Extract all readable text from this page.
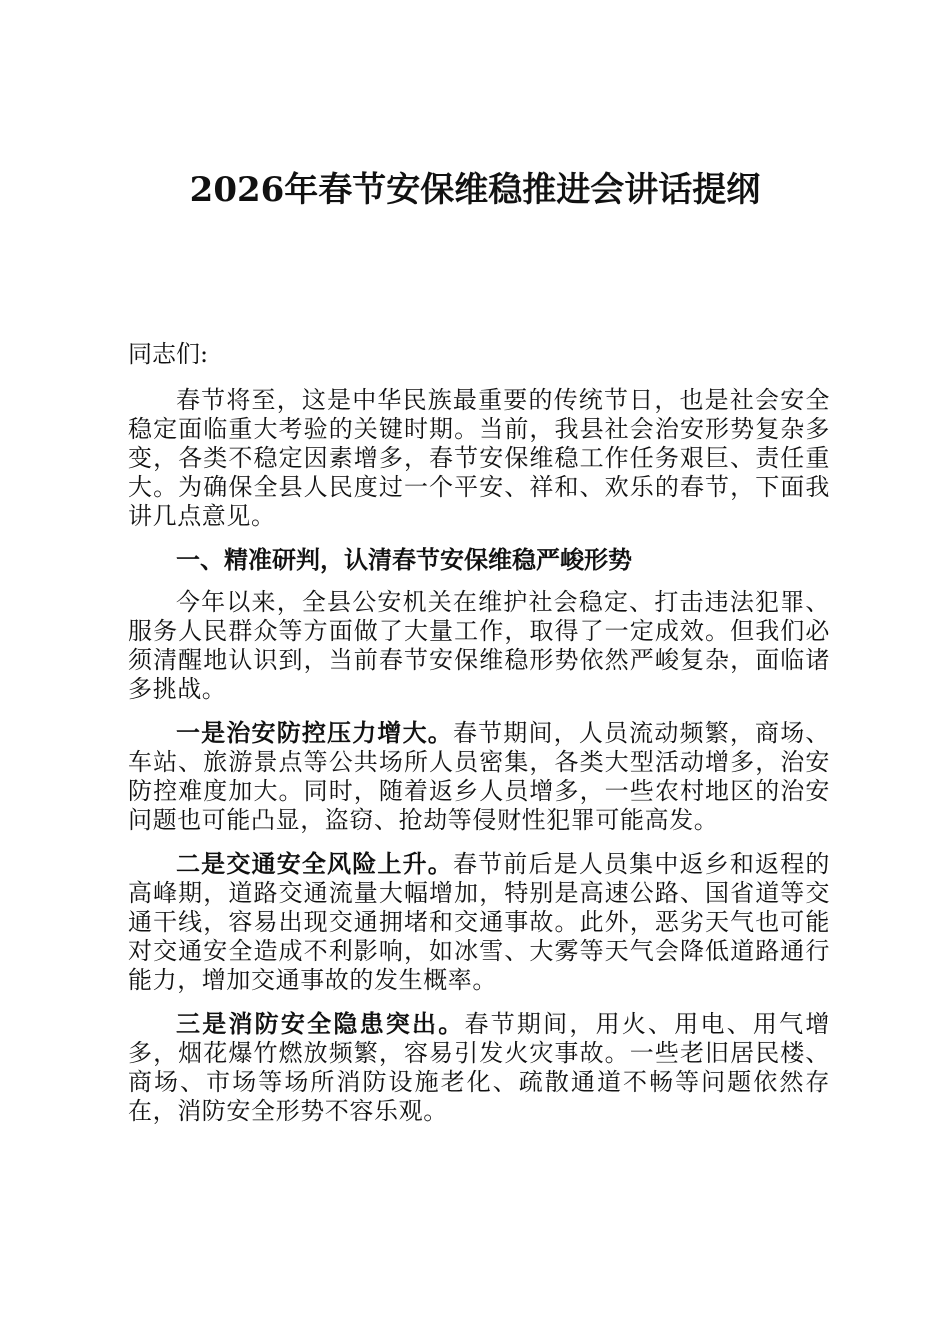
2026年春节安保维稳推进会讲话提纲
同志们:

春节将至，这是中华民族最重要的传统节日，也是社会安全稳定面临重大考验的关键时期。当前，我县社会治安形势复杂多变，各类不稳定因素增多，春节安保维稳工作任务艰巨、责任重大。为确保全县人民度过一个平安、祥和、欢乐的春节，下面我讲几点意见。

一、精准研判，认清春节安保维稳严峻形势

今年以来，全县公安机关在维护社会稳定、打击违法犯罪、服务人民群众等方面做了大量工作，取得了一定成效。但我们必须清醒地认识到，当前春节安保维稳形势依然严峻复杂，面临诸多挑战。

一是治安防控压力增大。春节期间，人员流动频繁，商场、车站、旅游景点等公共场所人员密集，各类大型活动增多，治安防控难度加大。同时，随着返乡人员增多，一些农村地区的治安问题也可能凸显，盗窃、抢劫等侵财性犯罪可能高发。

二是交通安全风险上升。春节前后是人员集中返乡和返程的高峰期，道路交通流量大幅增加，特别是高速公路、国省道等交通干线，容易出现交通拥堵和交通事故。此外，恶劣天气也可能对交通安全造成不利影响，如冰雪、大雾等天气会降低道路通行能力，增加交通事故的发生概率。

三是消防安全隐患突出。春节期间，用火、用电、用气增多，烟花爆竹燃放频繁，容易引发火灾事故。一些老旧居民楼、商场、市场等场所消防设施老化、疏散通道不畅等问题依然存在，消防安全形势不容乐观。
